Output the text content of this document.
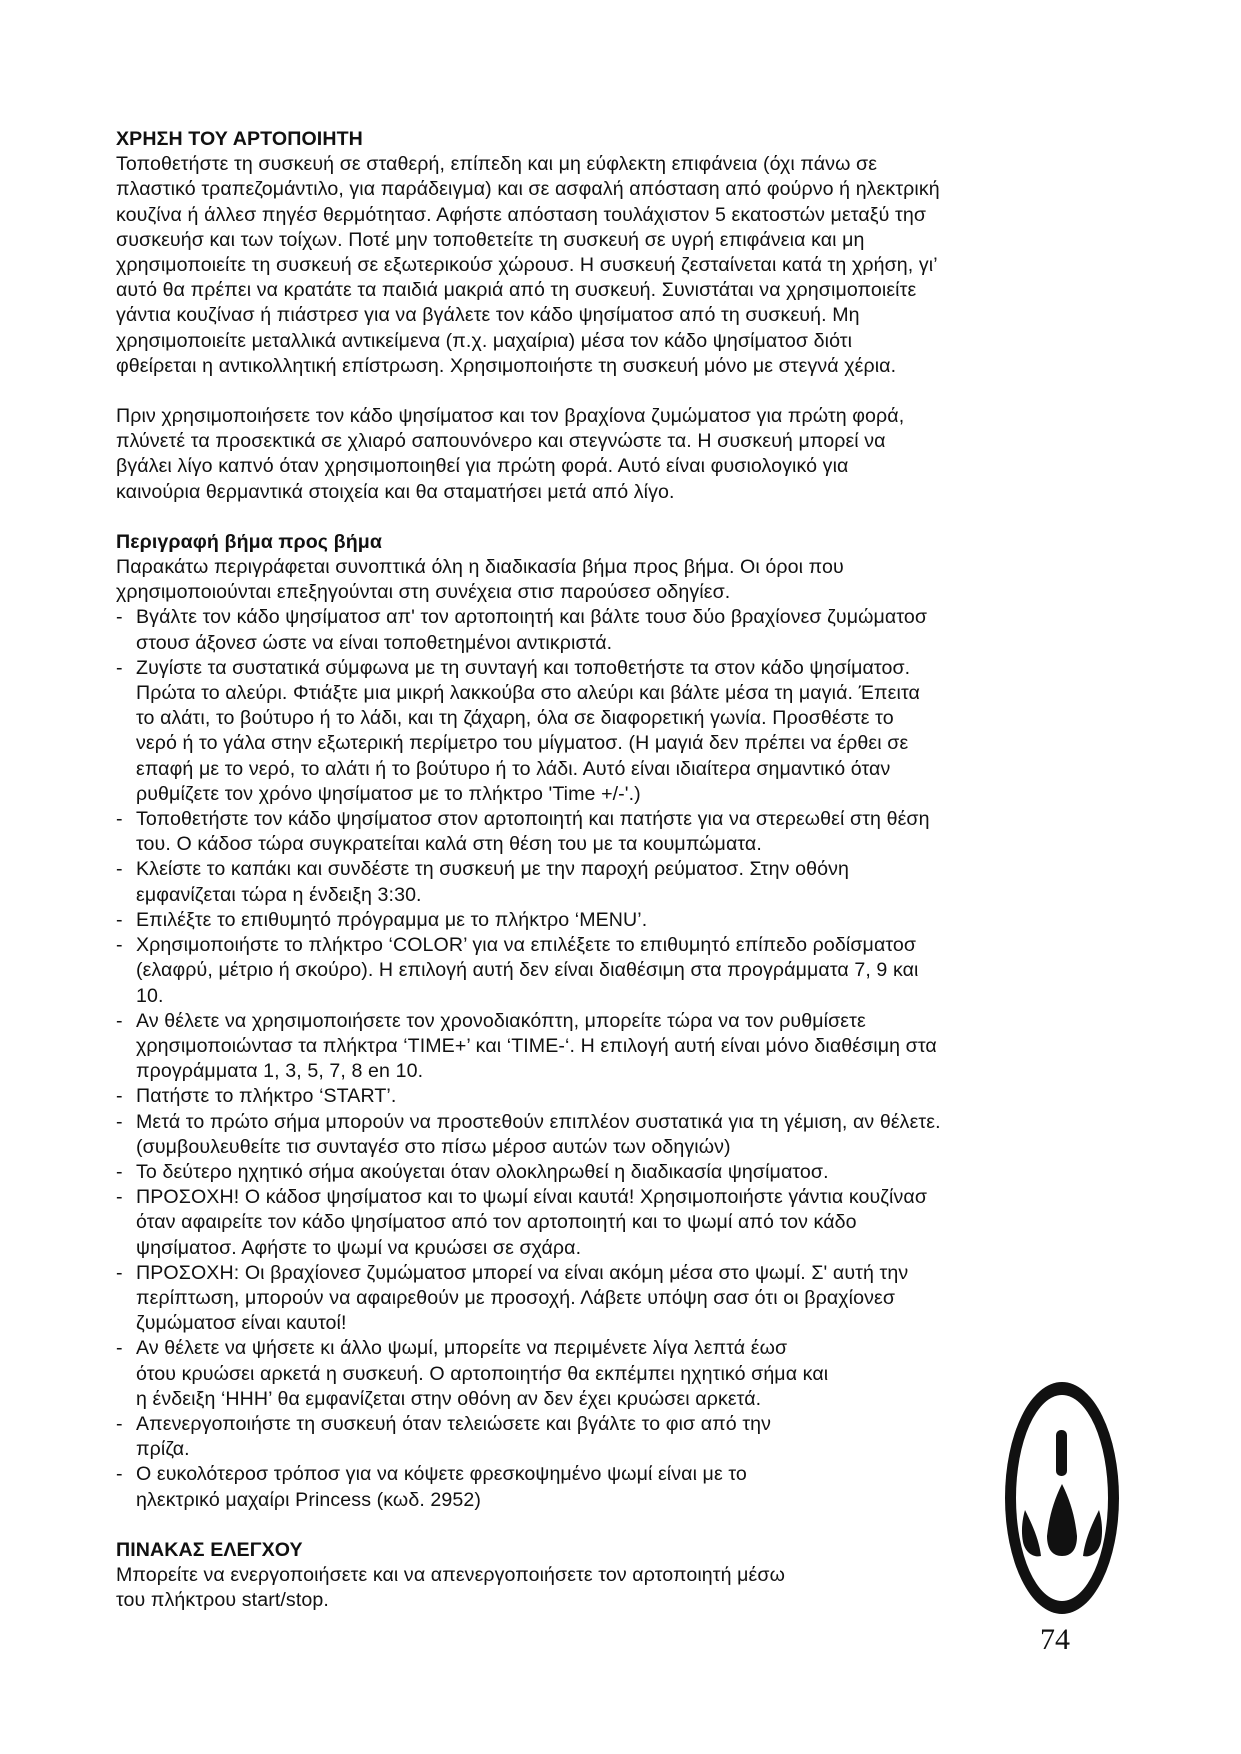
ΧΡΗΣΗ ΤΟΥ ΑΡΤΟΠΟΙΗΤΗ
Τοποθετήστε τη συσκευή σε σταθερή, επίπεδη και μη εύφλεκτη επιφάνεια (όχι πάνω σε
πλαστικό τραπεζομάντιλο, για παράδειγμα) και σε ασφαλή απόσταση από φούρνο ή ηλεκτρική
κουζίνα ή άλλεσ πηγέσ θερμότητασ. Αφήστε απόσταση τουλάχιστον 5 εκατοστών μεταξύ τησ
συσκευήσ και των τοίχων. Ποτέ μην τοποθετείτε τη συσκευή σε υγρή επιφάνεια και μη
χρησιμοποιείτε τη συσκευή σε εξωτερικούσ χώρουσ. Η συσκευή ζεσταίνεται κατά τη χρήση, γι’
αυτό θα πρέπει να κρατάτε τα παιδιά μακριά από τη συσκευή. Συνιστάται να χρησιμοποιείτε
γάντια κουζίνασ ή πιάστρεσ για να βγάλετε τον κάδο ψησίματοσ από τη συσκευή. Μη
χρησιμοποιείτε μεταλλικά αντικείμενα (π.χ. μαχαίρια) μέσα τον κάδο ψησίματοσ διότι
φθείρεται η αντικολλητική επίστρωση. Χρησιμοποιήστε τη συσκευή μόνο με στεγνά χέρια.
Πριν χρησιμοποιήσετε τον κάδο ψησίματοσ και τον βραχίονα ζυμώματοσ για πρώτη φορά,
πλύνετέ τα προσεκτικά σε χλιαρό σαπουνόνερο και στεγνώστε τα. Η συσκευή μπορεί να
βγάλει λίγο καπνό όταν χρησιμοποιηθεί για πρώτη φορά. Αυτό είναι φυσιολογικό για
καινούρια θερμαντικά στοιχεία και θα σταματήσει μετά από λίγο.
Περιγραφή βήμα προς βήμα
Παρακάτω περιγράφεται συνοπτικά όλη η διαδικασία βήμα προς βήμα. Οι όροι που
χρησιμοποιούνται επεξηγούνται στη συνέχεια στισ παρούσεσ οδηγίεσ.
- Βγάλτε τον κάδο ψησίματοσ απ' τον αρτοποιητή και βάλτε τουσ δύο βραχίονεσ ζυμώματοσ
στουσ άξονεσ ώστε να είναι τοποθετημένοι αντικριστά.
- Ζυγίστε τα συστατικά σύμφωνα με τη συνταγή και τοποθετήστε τα στον κάδο ψησίματοσ.
Πρώτα το αλεύρι. Φτιάξτε μια μικρή λακκούβα στο αλεύρι και βάλτε μέσα τη μαγιά. Έπειτα
το αλάτι, το βούτυρο ή το λάδι, και τη ζάχαρη, όλα σε διαφορετική γωνία. Προσθέστε το
νερό ή το γάλα στην εξωτερική περίμετρο του μίγματοσ. (Η μαγιά δεν πρέπει να έρθει σε
επαφή με το νερό, το αλάτι ή το βούτυρο ή το λάδι. Αυτό είναι ιδιαίτερα σημαντικό όταν
ρυθμίζετε τον χρόνο ψησίματοσ με το πλήκτρο 'Time +/-'.)
- Τοποθετήστε τον κάδο ψησίματοσ στον αρτοποιητή και πατήστε για να στερεωθεί στη θέση
του. Ο κάδοσ τώρα συγκρατείται καλά στη θέση του με τα κουμπώματα.
- Κλείστε το καπάκι και συνδέστε τη συσκευή με την παροχή ρεύματοσ. Στην οθόνη
εμφανίζεται τώρα η ένδειξη 3:30.
- Επιλέξτε το επιθυμητό πρόγραμμα με το πλήκτρο ‘MENU’.
- Χρησιμοποιήστε το πλήκτρο ‘COLOR’ για να επιλέξετε το επιθυμητό επίπεδο ροδίσματοσ
(ελαφρύ, μέτριο ή σκούρο). Η επιλογή αυτή δεν είναι διαθέσιμη στα προγράμματα 7, 9 και
10.
- Αν θέλετε να χρησιμοποιήσετε τον χρονοδιακόπτη, μπορείτε τώρα να τον ρυθμίσετε
χρησιμοποιώντασ τα πλήκτρα ‘TIME+’ και ‘TIME-‘. Η επιλογή αυτή είναι μόνο διαθέσιμη στα
προγράμματα 1, 3, 5, 7, 8 en 10.
- Πατήστε το πλήκτρο ‘START’.
- Μετά το πρώτο σήμα μπορούν να προστεθούν επιπλέον συστατικά για τη γέμιση, αν θέλετε.
(συμβουλευθείτε τισ συνταγέσ στο πίσω μέροσ αυτών των οδηγιών)
- Το δεύτερο ηχητικό σήμα ακούγεται όταν ολοκληρωθεί η διαδικασία ψησίματοσ.
- ΠΡΟΣΟΧΗ! Ο κάδοσ ψησίματοσ και το ψωμί είναι καυτά! Χρησιμοποιήστε γάντια κουζίνασ
όταν αφαιρείτε τον κάδο ψησίματοσ από τον αρτοποιητή και το ψωμί από τον κάδο
ψησίματοσ. Αφήστε το ψωμί να κρυώσει σε σχάρα.
- ΠΡΟΣΟΧΗ: Οι βραχίονεσ ζυμώματοσ μπορεί να είναι ακόμη μέσα στο ψωμί. Σ' αυτή την
περίπτωση, μπορούν να αφαιρεθούν με προσοχή. Λάβετε υπόψη σασ ότι οι βραχίονεσ
ζυμώματοσ είναι καυτοί!
- Αν θέλετε να ψήσετε κι άλλο ψωμί, μπορείτε να περιμένετε λίγα λεπτά έωσ
ότου κρυώσει αρκετά η συσκευή. Ο αρτοποιητήσ θα εκπέμπει ηχητικό σήμα και
η ένδειξη ‘HHH’ θα εμφανίζεται στην οθόνη αν δεν έχει κρυώσει αρκετά.
- Απενεργοποιήστε τη συσκευή όταν τελειώσετε και βγάλτε το φισ από την
πρίζα.
- Ο ευκολότεροσ τρόποσ για να κόψετε φρεσκοψημένο ψωμί είναι με το
ηλεκτρικό μαχαίρι Princess (κωδ. 2952)
ΠΙΝΑΚΑΣ ΕΛΕΓΧΟΥ
Μπορείτε να ενεργοποιήσετε και να απενεργοποιήσετε τον αρτοποιητή μέσω
του πλήκτρου start/stop.
74
